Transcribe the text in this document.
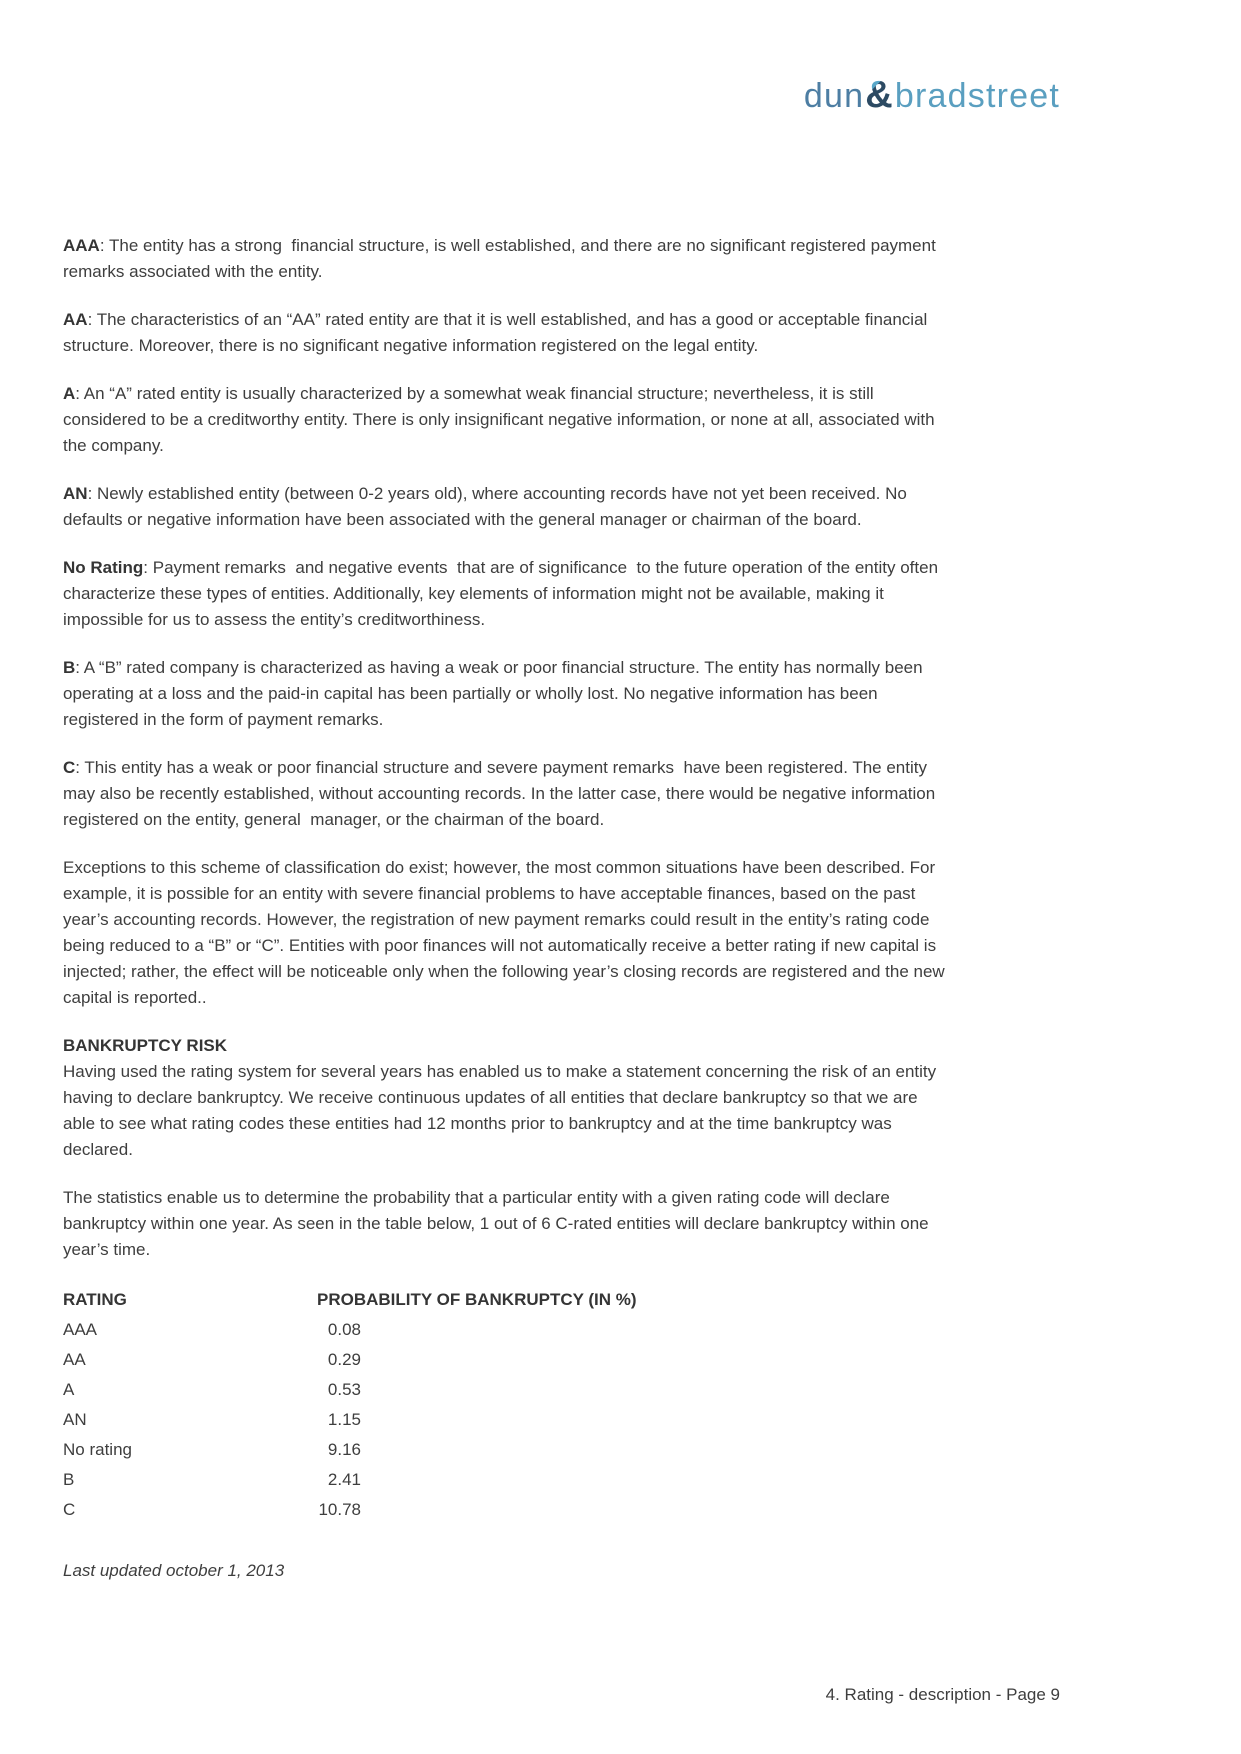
dun&bradstreet

AAA: The entity has a strong  financial structure, is well established, and there are no significant registered payment remarks associated with the entity.

AA: The characteristics of an “AA” rated entity are that it is well established, and has a good or acceptable financial structure. Moreover, there is no significant negative information registered on the legal entity.

A: An “A” rated entity is usually characterized by a somewhat weak financial structure; nevertheless, it is still considered to be a creditworthy entity. There is only insignificant negative information, or none at all, associated with the company.

AN: Newly established entity (between 0-2 years old), where accounting records have not yet been received. No defaults or negative information have been associated with the general manager or chairman of the board.

No Rating: Payment remarks  and negative events  that are of significance  to the future operation of the entity often characterize these types of entities. Additionally, key elements of information might not be available, making it impossible for us to assess the entity’s creditworthiness.

B: A “B” rated company is characterized as having a weak or poor financial structure. The entity has normally been operating at a loss and the paid-in capital has been partially or wholly lost. No negative information has been registered in the form of payment remarks.

C: This entity has a weak or poor financial structure and severe payment remarks  have been registered. The entity may also be recently established, without accounting records. In the latter case, there would be negative information registered on the entity, general  manager, or the chairman of the board.

Exceptions to this scheme of classification do exist; however, the most common situations have been described. For example, it is possible for an entity with severe financial problems to have acceptable finances, based on the past year’s accounting records. However, the registration of new payment remarks could result in the entity’s rating code being reduced to a “B” or “C”. Entities with poor finances will not automatically receive a better rating if new capital is injected; rather, the effect will be noticeable only when the following year’s closing records are registered and the new capital is reported..

BANKRUPTCY RISK

Having used the rating system for several years has enabled us to make a statement concerning the risk of an entity having to declare bankruptcy. We receive continuous updates of all entities that declare bankruptcy so that we are able to see what rating codes these entities had 12 months prior to bankruptcy and at the time bankruptcy was declared.

The statistics enable us to determine the probability that a particular entity with a given rating code will declare bankruptcy within one year. As seen in the table below, 1 out of 6 C-rated entities will declare bankruptcy within one year’s time.

RATING	PROBABILITY OF BANKRUPTCY (IN %)
AAA	0.08
AA	0.29
A	0.53
AN	1.15
No rating	9.16
B	2.41
C	10.78
Last updated october 1, 2013
4. Rating - description - Page 9
